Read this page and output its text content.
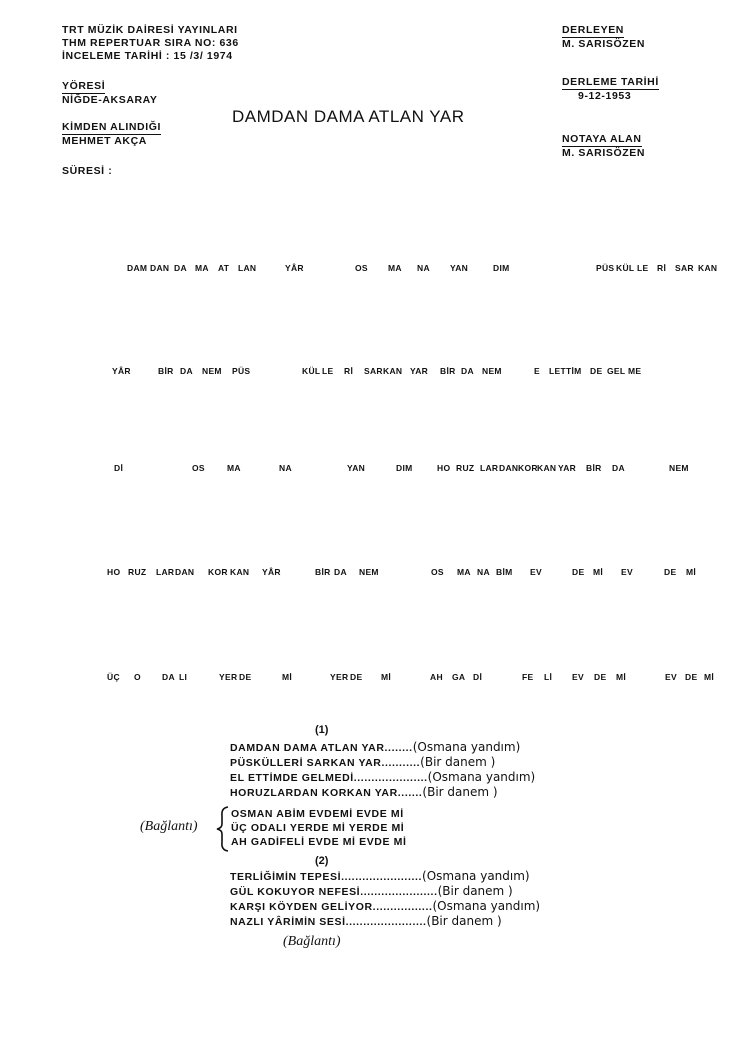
TRT MÜZİK DAİRESİ YAYINLARI
THM REPERTUAR SIRA NO: 636
İNCELEME TARİHİ : 15 /3/ 1974
YÖRESİ
NİĞDE-AKSARAY
KİMDEN ALINDIĞI
MEHMET AKÇA
SÜRESİ :
DAMDAN DAMA ATLAN YAR
DERLEYEN
M. SARISÖZEN
DERLEME TARİHİ
9-12-1953
NOTAYA ALAN
M. SARISÖZEN
DAM DAN DA MA AT LAN	YÂR	OS MA NA YAN	DIM	PÜS KÜL LE Rİ SAR KAN
YÂR	BİR DA NEM PÜS	KÜL LE Rİ SAR KAN YAR BİR DA NEM	E LET TİM DE GEL ME
Dİ	OS	MA	NA	YAN	DIM	HO RUZ LAR DAN KOR KAN YAR BİR DA	NEM
HO RUZ LAR DAN KOR KAN YÂR	BİR DA NEM	OS MA NA BİM EV	DE Mİ EV	DE Mİ
ÜÇ O DA LI	YER DE	Mİ	YER DE Mİ	AH GA Dİ	FE Lİ EV DE Mİ	EV DE Mİ
(1)
DAMDAN DAMA ATLAN YAR........(Osmana yandım)
PÜSKÜLLERİ SARKAN YAR...........(Bir danem )
EL ETTİMDE GELMEDİ.....................(Osmana yandım)
HORUZLARDAN KORKAN YAR.......(Bir danem )
(Bağlantı)
OSMAN ABİM EVDEMİ EVDE Mİ
ÜÇ ODALI YERDE Mİ YERDE Mİ
AH GADİFELİ EVDE Mİ EVDE Mİ
(2)
TERLİĞİMİN TEPESİ.......................(Osmana yandım)
GÜL KOKUYOR NEFESİ......................(Bir danem )
KARŞI KÖYDEN GELİYOR.................(Osmana yandım)
NAZLI YÂRİMİN SESİ.......................(Bir danem )
(Bağlantı)
